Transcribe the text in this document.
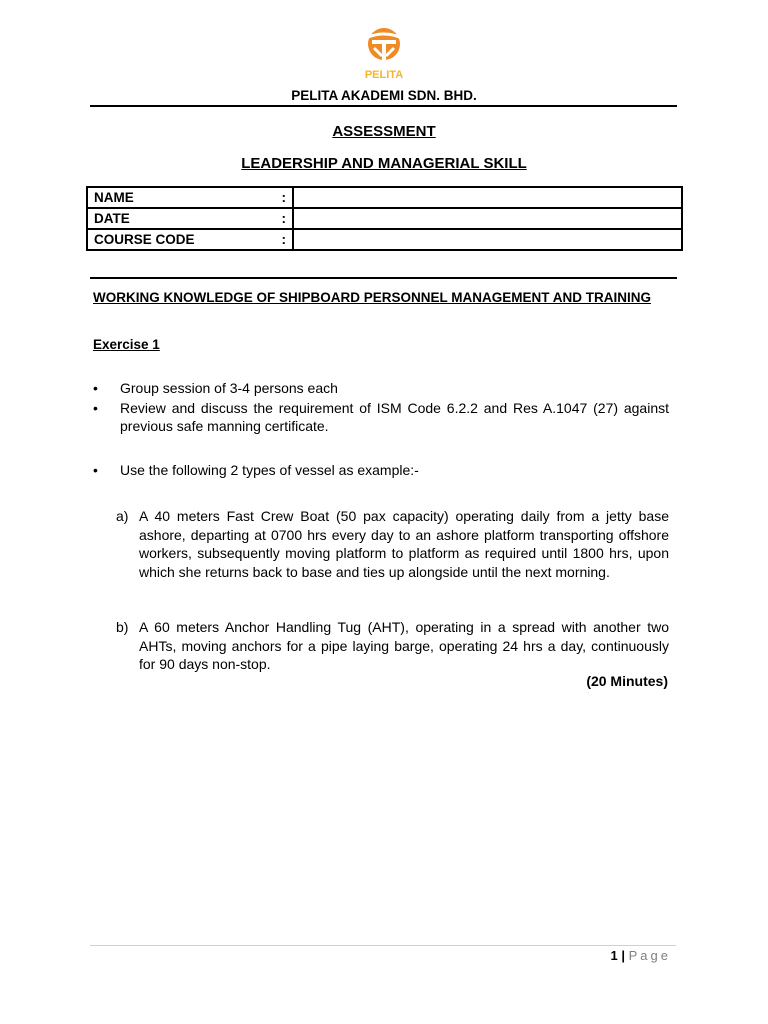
PELITA
PELITA AKADEMI SDN. BHD.
ASSESSMENT
LEADERSHIP AND MANAGERIAL SKILL
NAME :	

DATE :	

COURSE CODE :	

WORKING KNOWLEDGE OF SHIPBOARD PERSONNEL MANAGEMENT AND TRAINING
Exercise 1
• Group session of 3-4 persons each
• Review and discuss the requirement of ISM Code 6.2.2 and Res A.1047 (27) against previous safe manning certificate.
• Use the following 2 types of vessel as example:-
a) A 40 meters Fast Crew Boat (50 pax capacity) operating daily from a jetty base ashore, departing at 0700 hrs every day to an ashore platform transporting offshore workers, subsequently moving platform to platform as required until 1800 hrs, upon which she returns back to base and ties up alongside until the next morning.
b) A 60 meters Anchor Handling Tug (AHT), operating in a spread with another two AHTs, moving anchors for a pipe laying barge, operating 24 hrs a day, continuously for 90 days non-stop.
(20 Minutes)
1 | Page
